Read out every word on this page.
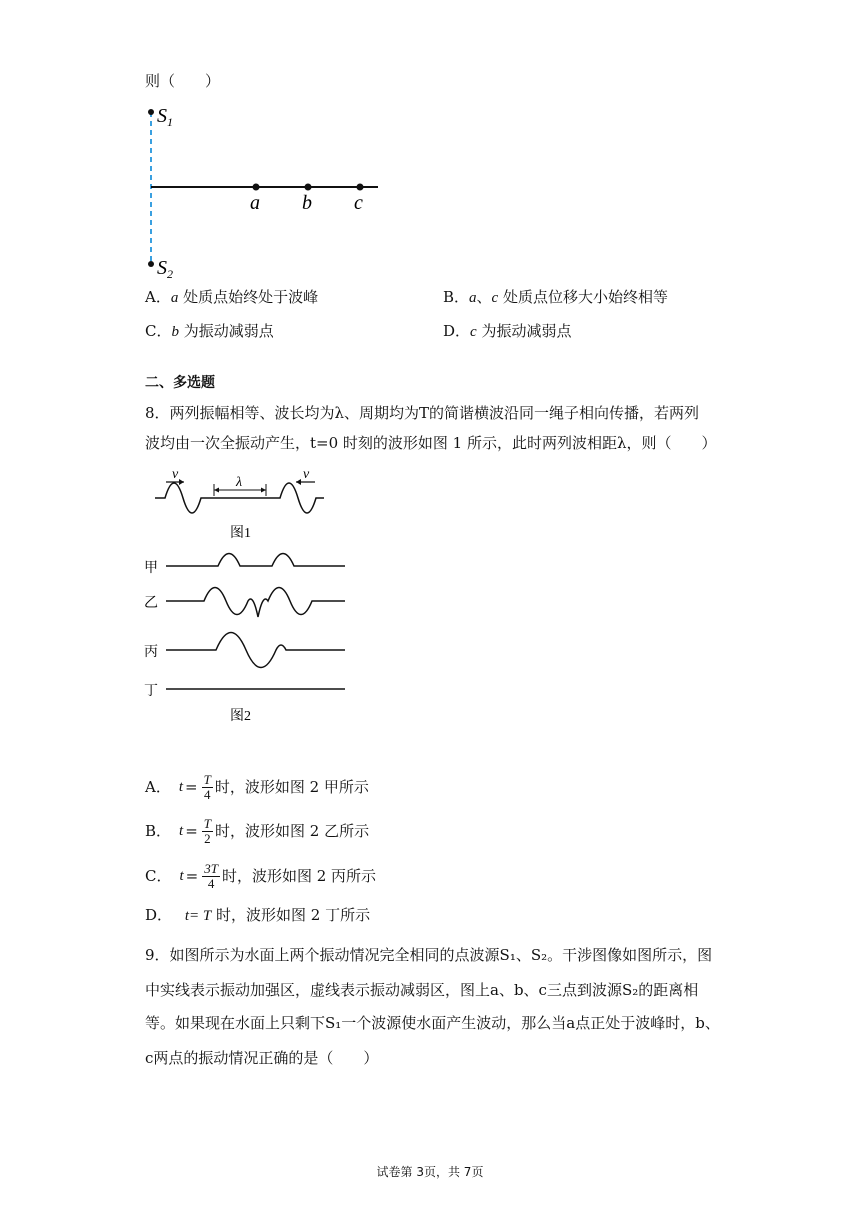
则（　　）
$S_1$
$S_2$
a b c
A．a 处质点始终处于波峰	B．a、c 处质点位移大小始终相等
C．b 为振动减弱点	D．c 为振动减弱点
二、多选题
8．两列振幅相等、波长均为λ、周期均为T的简谐横波沿同一绳子相向传播，若两列
波均由一次全振动产生，t=0 时刻的波形如图 1 所示，此时两列波相距λ，则（　　）
v	v
λ
图1
甲
乙
丙
丁
图2
A． $t = \frac{T}{4}$ 时，波形如图 2 甲所示
B． $t = \frac{T}{2}$ 时，波形如图 2 乙所示
C． $t = \frac{3T}{4}$ 时，波形如图 2 丙所示
D． t= T 时，波形如图 2 丁所示
9．如图所示为水面上两个振动情况完全相同的点波源S₁、S₂。干涉图像如图所示，图
中实线表示振动加强区，虚线表示振动减弱区，图上a、b、c三点到波源S₂的距离相
等。如果现在水面上只剩下S₁一个波源使水面产生波动，那么当a点正处于波峰时，b、
c两点的振动情况正确的是（　　）
试卷第 3页，共 7页
